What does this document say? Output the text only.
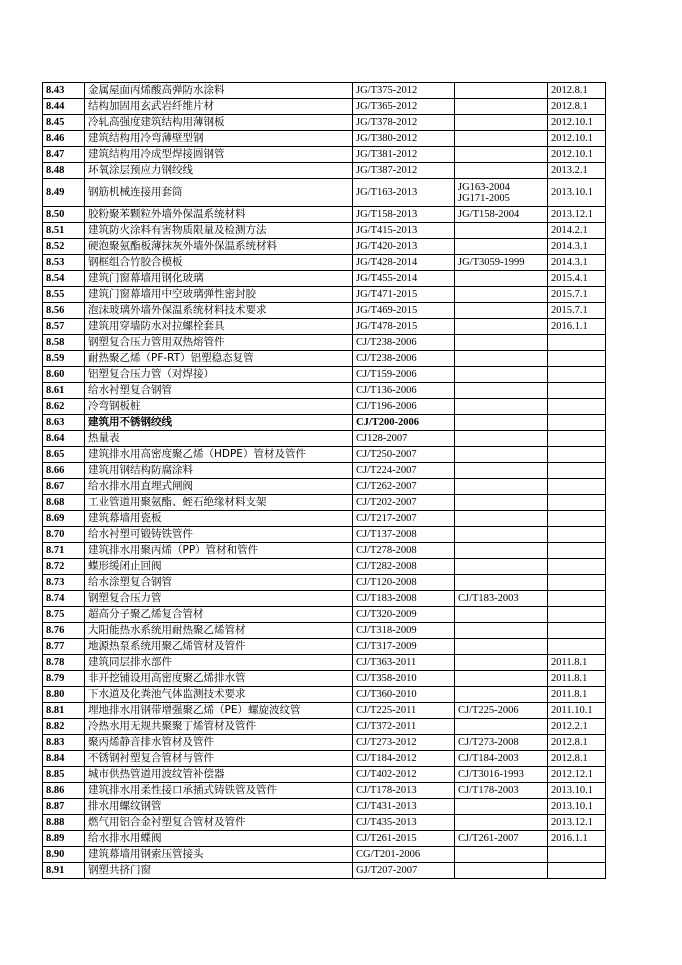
8.43	金属屋面丙烯酸高弹防水涂料	JG/T375-2012		2012.8.1
8.44	结构加固用玄武岩纤维片材	JG/T365-2012		2012.8.1
8.45	冷轧高强度建筑结构用薄钢板	JG/T378-2012		2012.10.1
8.46	建筑结构用冷弯薄壁型钢	JG/T380-2012		2012.10.1
8.47	建筑结构用冷成型焊接圆钢管	JG/T381-2012		2012.10.1
8.48	环氧涂层预应力钢绞线	JG/T387-2012		2013.2.1
8.49	钢筋机械连接用套筒	JG/T163-2013	JG163-2004
JG171-2005	2013.10.1
8.50	胶粉聚苯颗粒外墙外保温系统材料	JG/T158-2013	JG/T158-2004	2013.12.1
8.51	建筑防火涂料有害物质限量及检测方法	JG/T415-2013		2014.2.1
8.52	硬泡聚氨酯板薄抹灰外墙外保温系统材料	JG/T420-2013		2014.3.1
8.53	钢框组合竹胶合模板	JG/T428-2014	JG/T3059-1999	2014.3.1
8.54	建筑门窗幕墙用钢化玻璃	JG/T455-2014		2015.4.1
8.55	建筑门窗幕墙用中空玻璃弹性密封胶	JG/T471-2015		2015.7.1
8.56	泡沫玻璃外墙外保温系统材料技术要求	JG/T469-2015		2015.7.1
8.57	建筑用穿墙防水对拉螺栓套具	JG/T478-2015		2016.1.1
8.58	钢塑复合压力管用双热熔管件	CJ/T238-2006		
8.59	耐热聚乙烯（PF-RT）铝塑稳态复管	CJ/T238-2006		
8.60	铝塑复合压力管（对焊接）	CJ/T159-2006		
8.61	给水衬塑复合钢管	CJ/T136-2006		
8.62	冷弯钢板桩	CJ/T196-2006		
8.63	建筑用不锈钢绞线	CJ/T200-2006		
8.64	热量表	CJ128-2007		
8.65	建筑排水用高密度聚乙烯（HDPE）管材及管件	CJ/T250-2007		
8.66	建筑用钢结构防腐涂料	CJ/T224-2007		
8.67	给水排水用直埋式闸阀	CJ/T262-2007		
8.68	工业管道用聚氨酯、蛭石绝缘材料支架	CJ/T202-2007		
8.69	建筑幕墙用瓷板	CJ/T217-2007		
8.70	给水衬塑可锻铸铁管件	CJ/T137-2008		
8.71	建筑排水用聚丙烯（PP）管材和管件	CJ/T278-2008		
8.72	蝶形缓闭止回阀	CJ/T282-2008		
8.73	给水涂塑复合钢管	CJ/T120-2008		
8.74	钢塑复合压力管	CJ/T183-2008	CJ/T183-2003	
8.75	超高分子聚乙烯复合管材	CJ/T320-2009		
8.76	大阳能热水系统用耐热聚乙烯管材	CJ/T318-2009		
8.77	地源热泵系统用聚乙烯管材及管件	CJ/T317-2009		
8.78	建筑同层排水部件	CJ/T363-2011		2011.8.1
8.79	非开挖铺设用高密度聚乙烯排水管	CJ/T358-2010		2011.8.1
8.80	下水道及化粪池气体监测技术要求	CJ/T360-2010		2011.8.1
8.81	埋地排水用钢带增强聚乙烯（PE）螺旋波纹管	CJ/T225-2011	CJ/T225-2006	2011.10.1
8.82	冷热水用无规共聚聚丁烯管材及管件	CJ/T372-2011		2012.2.1
8.83	聚丙烯静音排水管材及管件	CJ/T273-2012	CJ/T273-2008	2012.8.1
8.84	不锈钢衬塑复合管材与管件	CJ/T184-2012	CJ/T184-2003	2012.8.1
8.85	城市供热管道用波纹管补偿器	CJ/T402-2012	CJ/T3016-1993	2012.12.1
8.86	建筑排水用柔性接口承插式铸铁管及管件	CJ/T178-2013	CJ/T178-2003	2013.10.1
8.87	排水用螺纹钢管	CJ/T431-2013		2013.10.1
8.88	燃气用铝合金衬塑复合管材及管件	CJ/T435-2013		2013.12.1
8.89	给水排水用蝶阀	CJ/T261-2015	CJ/T261-2007	2016.1.1
8.90	建筑幕墙用钢索压管接头	CG/T201-2006		
8.91	钢塑共挤门窗	GJ/T207-2007		
